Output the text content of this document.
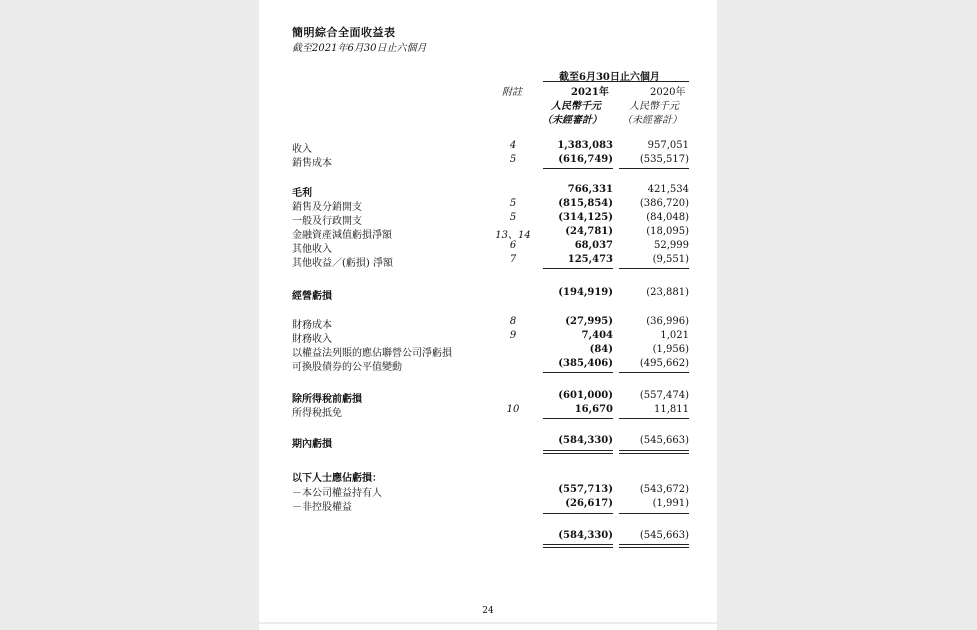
簡明綜合全面收益表
截至2021年6月30日止六個月
截至6月30日止六個月
附註	2021年	2020年
人民幣千元	人民幣千元
（未經審計） （未經審計）
收入	4	1,383,083	957,051
銷售成本	5	(616,749)	(535,517)
毛利	766,331	421,534
銷售及分銷開支	5	(815,854)	(386,720)
一般及行政開支	5	(314,125)	(84,048)
金融資產減值虧損淨額	13、14	(24,781)	(18,095)
其他收入	6	68,037	52,999
其他收益／(虧損) 淨額	7	125,473	(9,551)
經營虧損	(194,919)	(23,881)
財務成本	8	(27,995)	(36,996)
財務收入	9	7,404	1,021
以權益法列賬的應佔聯營公司淨虧損	(84)	(1,956)
可換股債券的公平值變動	(385,406)	(495,662)
除所得稅前虧損	(601,000)	(557,474)
所得稅抵免	10	16,670	11,811
期內虧損	(584,330)	(545,663)
以下人士應佔虧損：
－本公司權益持有人	(557,713)	(543,672)
－非控股權益	(26,617)	(1,991)
(584,330)	(545,663)
24
